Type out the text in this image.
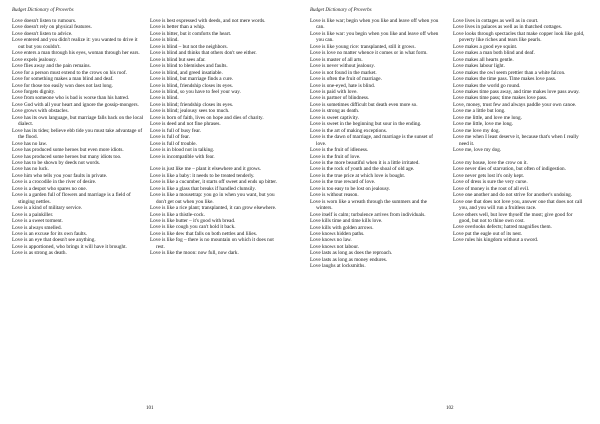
Budget Dictionary of Proverbs

Love doesn't listen to rumours.

Love doesn't rely on physical features.

Love doesn't listen to advice.

Love entered and you didn't realize it: you wanted to drive it out but you couldn't.

Love enters a man through his eyes, woman through her ears.

Love expels jealousy.

Love flies away and the pain remains.

Love for a person must extend to the crows on his roof.

Love for something makes a man blind and deaf.

Love for those too easily won does not last long.

Love forgets dignity.

Love from someone who is bad is worse than his hatred.

Love God with all your heart and ignore the gossip-mongers.

Love grows with obstacles.

Love has its own language, but marriage falls back on the local dialect.

Love has its tides; believe ebb tide you must take advantage of the flood.

Love has no law.

Love has produced some heroes but even more idiots.

Love has produced some heroes but many idiots too.

Love has to be shown by deeds not words.

Love has no luck.

Love him who tells you your faults in private.

Love is a crocodile in the river of desire.

Love is a despot who spares no one.

Love is a garden full of flowers and marriage is a field of stinging nettles.

Love is a kind of military service.

Love is a painkiller.

Love is a sweet torment.

Love is always smelled.

Love is an excuse for its own faults.

Love is an eye that doesn't see anything.

Love is apportioned, who brings it will have it brought.

Love is as strong as death.

Love is best expressed with deeds, and not mere words.

Love is better than a whip.

Love is bitter, but it comforts the heart.

Love is blind.

Love is blind – but not the neighbors.

Love is blind and thinks that others don't see either.

Love is blind but sees afar.

Love is blind to blemishes and faults.

Love is blind, and greed insatiable.

Love is blind, but marriage finds a cure.

Love is blind, friendship closes its eyes.

Love is blind, so you have to feel your way.

Love is blind.

Love is blind; friendship closes its eyes.

Love is blind; jealousy sees too much.

Love is born of faith, lives on hope and dies of charity.

Love is deed and not fine phrases.

Love is full of busy fear.

Love is full of fear.

Love is full of trouble.

Love is in blood not in talking.

Love is incompatible with fear.

Love is just like me – plant it elsewhere and it grows.

Love is like a baby: it needs to be treated tenderly.

Love is like a cucumber, it starts off sweet and ends up bitter.

Love is like a glass that breaks if handled clumsily.

Love is like a mousetrap: you go in when you want, but you don't get out when you like.

Love is like a rice plant; transplanted, it can grow elsewhere.

Love is like a thistle-cock.

Love is like butter – it's good with bread.

Love is like cough you can't hold it back.

Love is like dew that falls on both nettles and lilies.

Love is like fog – there is no mountain on which it does not rest.

Love is like the moon: now full, now dark.

101
Budget Dictionary of Proverbs

Love is like war; begin when you like and leave off when you can.

Love is like war: you begin when you like and leave off when you can.

Love is like young rice: transplanted, still it grows.

Love is love no matter whence it comes or in what form.

Love is master of all arts.

Love is never without jealousy.

Love is not found in the market.

Love is often the fruit of marriage.

Love is one-eyed, hate is blind.

Love is paid with love.

Love is partner of blindness.

Love is sometimes difficult but death even more so.

Love is strong as death.

Love is sweet captivity.

Love is sweet in the beginning but sour in the ending.

Love is the art of making exceptions.

Love is the dawn of marriage, and marriage is the sunset of love.

Love is the fruit of idleness.

Love is the fruit of love.

Love is the more beautiful when it is a little irritated.

Love is the rock of youth and the shoal of old age.

Love is the true price at which love is bought.

Love is the true reward of love.

Love is too easy to be lost on jealousy.

Love is without reason.

Love is worn like a wreath through the summers and the winters.

Love itself is calm; turbulence arrives from individuals.

Love kills time and time kills love.

Love kills with golden arrows.

Love knows hidden paths.

Love knows no law.

Love knows not labour.

Love lasts as long as does the reproach.

Love lasts as long as money endures.

Love laughs at locksmiths.

Love lives in cottages as well as in court.

Love lives in palaces as well as in thatched cottages.

Love looks through spectacles that make copper look like gold, poverty like riches and tears like pearls.

Love makes a good eye squint.

Love makes a man both blind and deaf.

Love makes all hearts gentle.

Love makes labour light.

Love makes the owl seem prettier than a white falcon.

Love makes the time pass. Time makes love pass.

Love makes the world go round.

Love makes time pass away, and time makes love pass away.

Love makes time pass; time makes love pass.

Love, money, trust few and always paddle your own canoe.

Love me a little but long.

Love me little, and love me long.

Love me little, love me long.

Love me love my dog.

Love me when I least deserve it, because that's when I really need it.

Love me, love my dog.

Love my house, love the crow on it.

Love never dies of starvation, but often of indigestion.

Love never gets lost it's only kept.

Love of dress is sure the very curse.

Love of money is the root of all evil.

Love one another and do not strive for another's undoing.

Love one that does not love you, answer one that does not call you, and you will run a fruitless race.

Love others well, but love thyself the most; give good for good, but not to thine own cost.

Love overlooks defects; hatred magnifies them.

Love put the eagle out of its nest.

Love rules his kingdom without a sword.

102
